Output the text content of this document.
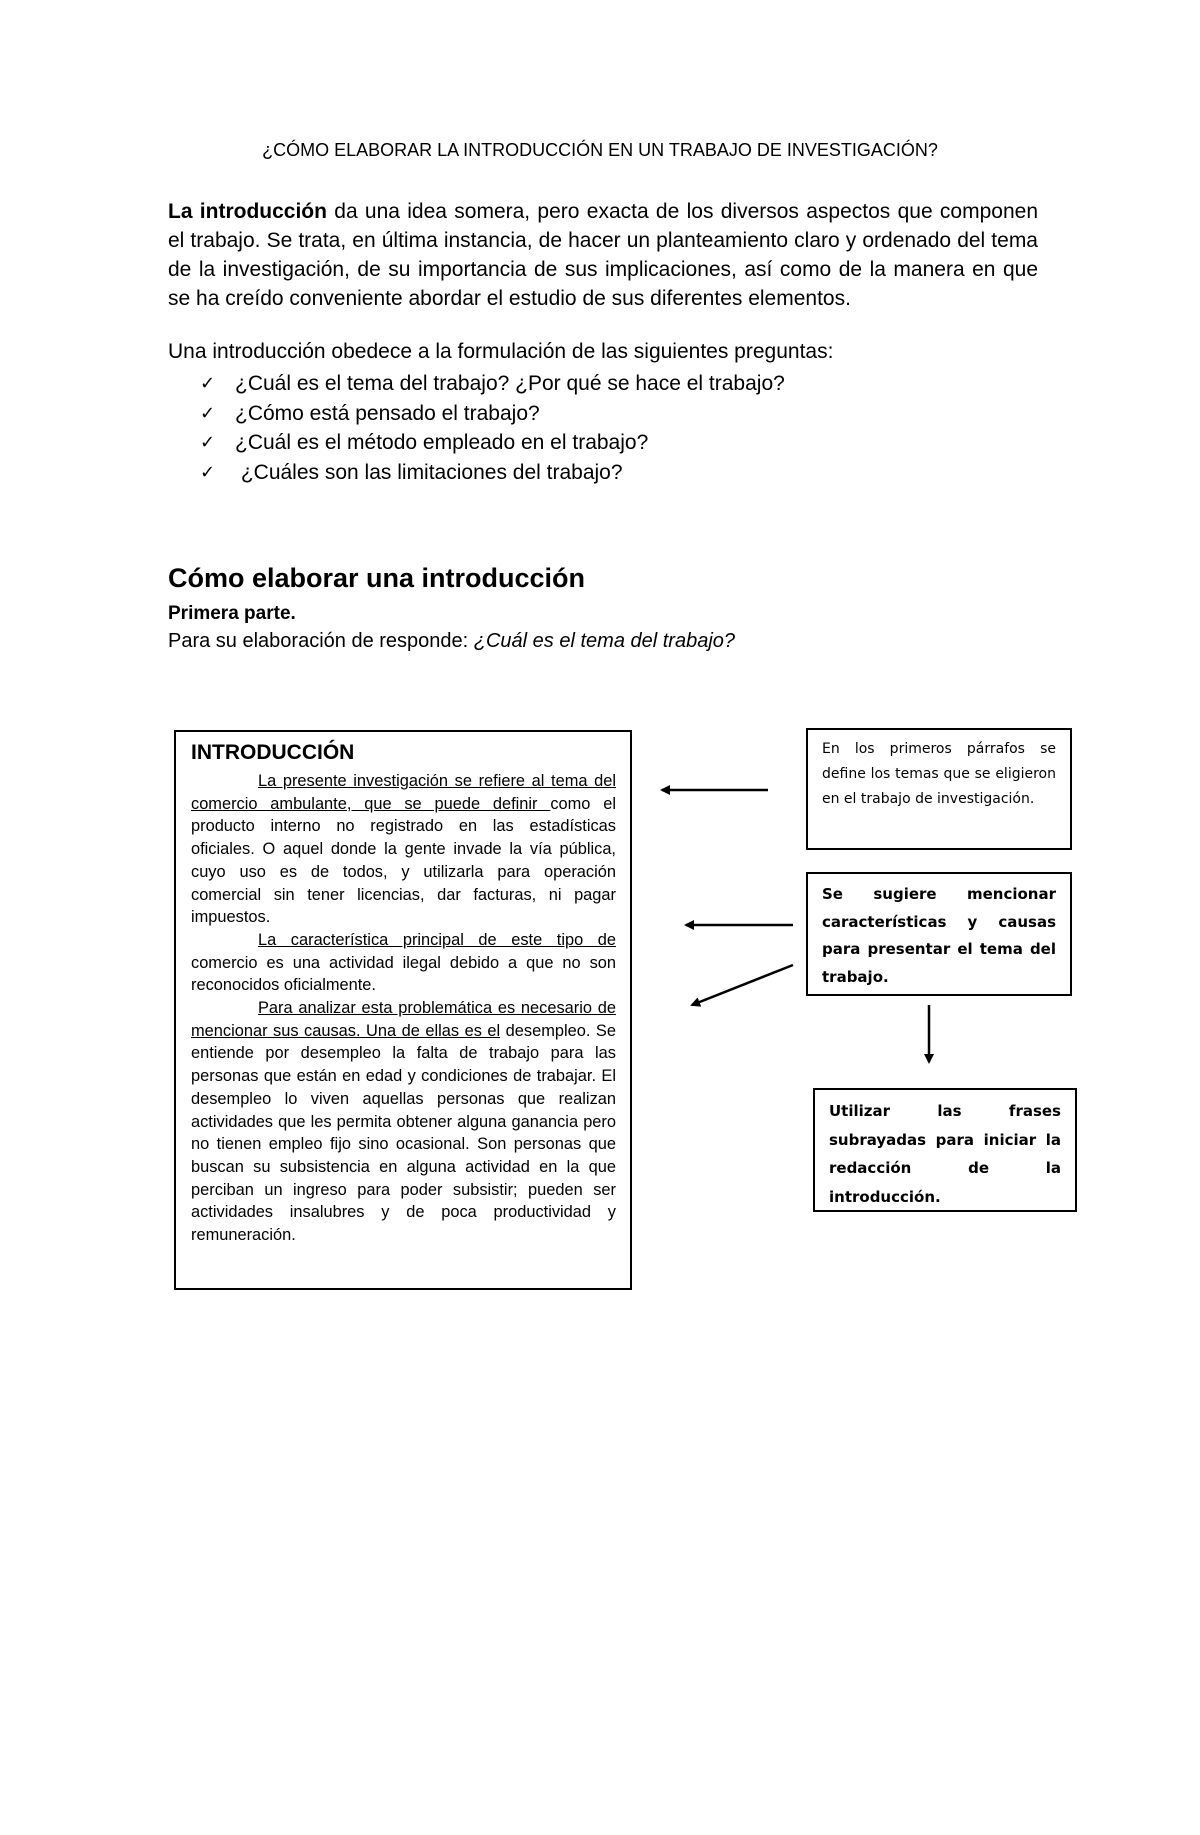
¿CÓMO ELABORAR LA INTRODUCCIÓN EN UN TRABAJO DE INVESTIGACIÓN?
La introducción da una idea somera, pero exacta de los diversos aspectos que componen el trabajo. Se trata, en última instancia, de hacer un planteamiento claro y ordenado del tema de la investigación, de su importancia de sus implicaciones, así como de la manera en que se ha creído conveniente abordar el estudio de sus diferentes elementos.
Una introducción obedece a la formulación de las siguientes preguntas:
✓ ¿Cuál es el tema del trabajo? ¿Por qué se hace el trabajo?
✓ ¿Cómo está pensado el trabajo?
✓ ¿Cuál es el método empleado en el trabajo?
✓ ¿Cuáles son las limitaciones del trabajo?
Cómo elaborar una introducción
Primera parte.
Para su elaboración de responde: ¿Cuál es el tema del trabajo?
INTRODUCCIÓN

La presente investigación se refiere al tema del comercio ambulante, que se puede definir como el producto interno no registrado en las estadísticas oficiales. O aquel donde la gente invade la vía pública, cuyo uso es de todos, y utilizarla para operación comercial sin tener licencias, dar facturas, ni pagar impuestos.

La característica principal de este tipo de comercio es una actividad ilegal debido a que no son reconocidos oficialmente.

Para analizar esta problemática es necesario de mencionar sus causas. Una de ellas es el desempleo. Se entiende por desempleo la falta de trabajo para las personas que están en edad y condiciones de trabajar. El desempleo lo viven aquellas personas que realizan actividades que les permita obtener alguna ganancia pero no tienen empleo fijo sino ocasional. Son personas que buscan su subsistencia en alguna actividad en la que perciban un ingreso para poder subsistir; pueden ser actividades insalubres y de poca productividad y remuneración.

En los primeros párrafos se define los temas que se eligieron en el trabajo de investigación.
Se sugiere mencionar características y causas para presentar el tema del trabajo.
Utilizar las frases subrayadas para iniciar la redacción de la introducción.
